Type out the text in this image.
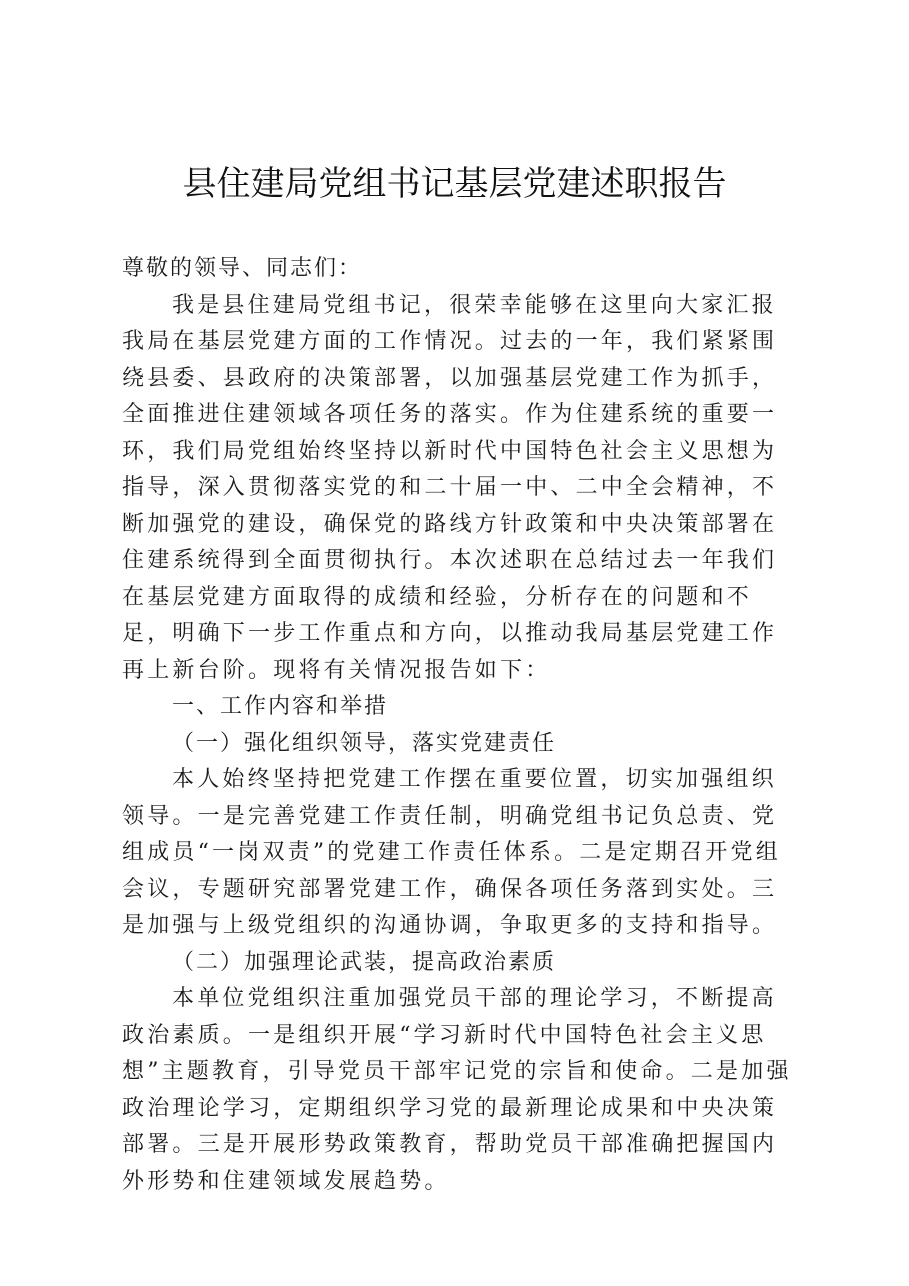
县住建局党组书记基层党建述职报告

尊敬的领导、同志们：

我是县住建局党组书记，很荣幸能够在这里向大家汇报我局在基层党建方面的工作情况。过去的一年，我们紧紧围绕县委、县政府的决策部署，以加强基层党建工作为抓手，全面推进住建领域各项任务的落实。作为住建系统的重要一环，我们局党组始终坚持以新时代中国特色社会主义思想为指导，深入贯彻落实党的和二十届一中、二中全会精神，不断加强党的建设，确保党的路线方针政策和中央决策部署在住建系统得到全面贯彻执行。本次述职在总结过去一年我们在基层党建方面取得的成绩和经验，分析存在的问题和不足，明确下一步工作重点和方向，以推动我局基层党建工作再上新台阶。现将有关情况报告如下：

一、工作内容和举措

（一）强化组织领导，落实党建责任

本人始终坚持把党建工作摆在重要位置，切实加强组织领导。一是完善党建工作责任制，明确党组书记负总责、党组成员“一岗双责”的党建工作责任体系。二是定期召开党组会议，专题研究部署党建工作，确保各项任务落到实处。三是加强与上级党组织的沟通协调，争取更多的支持和指导。

（二）加强理论武装，提高政治素质

本单位党组织注重加强党员干部的理论学习，不断提高政治素质。一是组织开展“学习新时代中国特色社会主义思想”主题教育，引导党员干部牢记党的宗旨和使命。二是加强政治理论学习，定期组织学习党的最新理论成果和中央决策部署。三是开展形势政策教育，帮助党员干部准确把握国内外形势和住建领域发展趋势。
